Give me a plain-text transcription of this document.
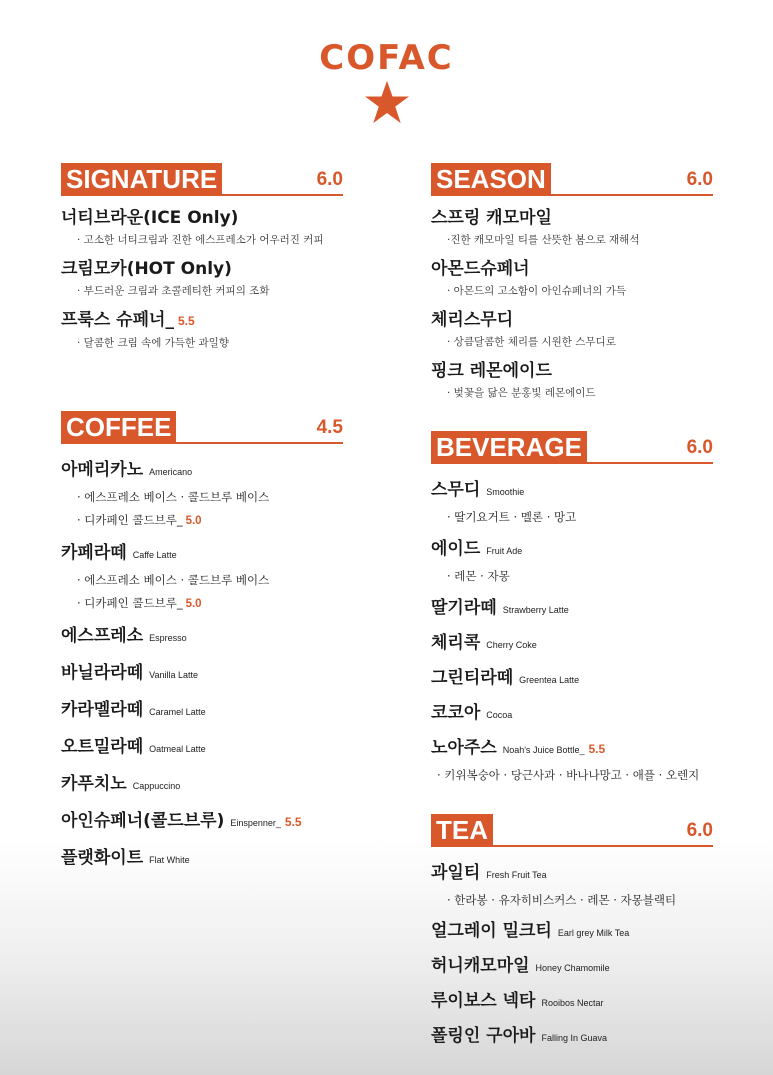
COFAC
SIGNATURE	6.0
너티브라운(ICE Only)
· 고소한 너티크림과 진한 에스프레소가 어우러진 커피
크림모카(HOT Only)
· 부드러운 크림과 초콜레티한 커피의 조화
프룩스 슈페너_ 5.5
· 달콤한 크림 속에 가득한 과일향
COFFEE	4.5
아메리카노 Americano
· 에스프레소 베이스 · 콜드브루 베이스
· 디카페인 콜드브루_ 5.0
카페라떼 Caffe Latte
· 에스프레소 베이스 · 콜드브루 베이스
· 디카페인 콜드브루_ 5.0
에스프레소 Espresso
바닐라라떼 Vanilla Latte
카라멜라떼 Caramel Latte
오트밀라떼 Oatmeal Latte
카푸치노 Cappuccino
아인슈페너(콜드브루) Einspenner_ 5.5
플랫화이트 Flat White
SEASON	6.0
스프링 캐모마일
·진한 캐모마일 티를 산뜻한 봄으로 재해석
아몬드슈페너
· 아몬드의 고소함이 아인슈페너의 가득
체리스무디
· 상큼달콤한 체리를 시원한 스무디로
핑크 레몬에이드
· 벚꽃을 닮은 분홍빛 레몬에이드
BEVERAGE	6.0
스무디 Smoothie
· 딸기요거트 · 멜론 · 망고
에이드 Fruit Ade
· 레몬 · 자몽
딸기라떼 Strawberry Latte
체리콕 Cherry Coke
그린티라떼 Greentea Latte
코코아 Cocoa
노아주스 Noah's Juice Bottle_ 5.5
· 키위복숭아 · 당근사과 · 바나나망고 · 애플 · 오렌지
TEA	6.0
과일티 Fresh Fruit Tea
· 한라봉 · 유자히비스커스 · 레몬 · 자몽블랙티
얼그레이 밀크티 Earl grey Milk Tea
허니캐모마일 Honey Chamomile
루이보스 넥타 Rooibos Nectar
폴링인 구아바 Falling In Guava
